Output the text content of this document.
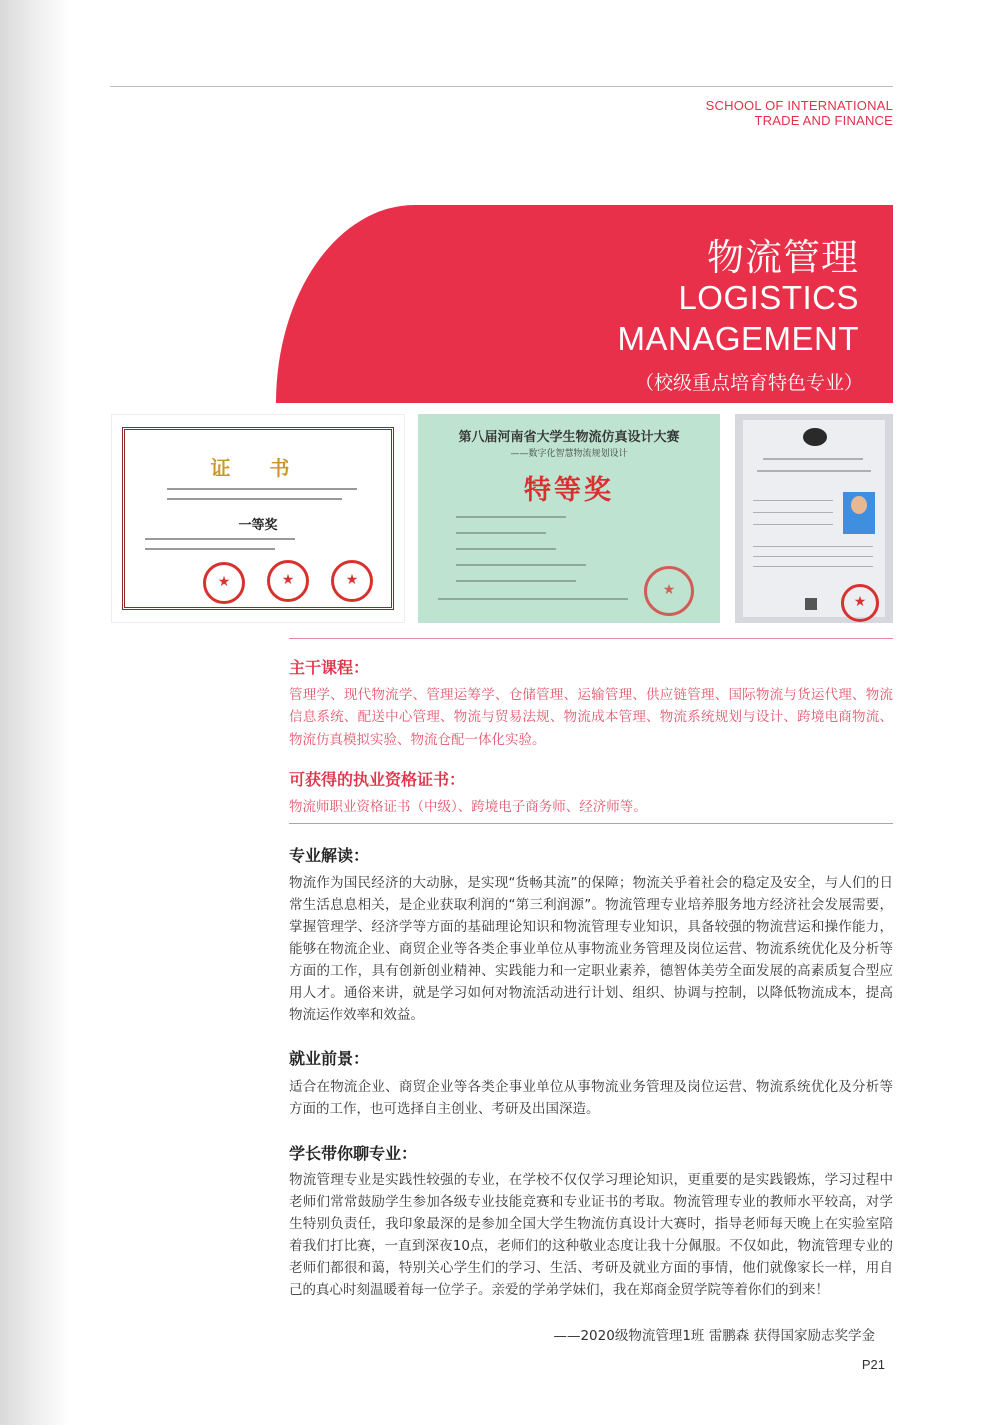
SCHOOL OF INTERNATIONAL
TRADE AND FINANCE
物流管理
LOGISTICS
MANAGEMENT
（校级重点培育特色专业）
证 书
一等奖
★
★
★
第八届河南省大学生物流仿真设计大赛
——数字化智慧物流规划设计
特等奖
★
★
主干课程：
管理学、现代物流学、管理运筹学、仓储管理、运输管理、供应链管理、国际物流与货运代理、物流信息系统、配送中心管理、物流与贸易法规、物流成本管理、物流系统规划与设计、跨境电商物流、物流仿真模拟实验、物流仓配一体化实验。
可获得的执业资格证书：
物流师职业资格证书（中级）、跨境电子商务师、经济师等。
专业解读：
物流作为国民经济的大动脉，是实现“货畅其流”的保障；物流关乎着社会的稳定及安全，与人们的日常生活息息相关，是企业获取利润的“第三利润源”。物流管理专业培养服务地方经济社会发展需要，掌握管理学、经济学等方面的基础理论知识和物流管理专业知识，具备较强的物流营运和操作能力，能够在物流企业、商贸企业等各类企事业单位从事物流业务管理及岗位运营、物流系统优化及分析等方面的工作，具有创新创业精神、实践能力和一定职业素养，德智体美劳全面发展的高素质复合型应用人才。通俗来讲，就是学习如何对物流活动进行计划、组织、协调与控制，以降低物流成本，提高物流运作效率和效益。
就业前景：
适合在物流企业、商贸企业等各类企事业单位从事物流业务管理及岗位运营、物流系统优化及分析等方面的工作，也可选择自主创业、考研及出国深造。
学长带你聊专业：
物流管理专业是实践性较强的专业，在学校不仅仅学习理论知识，更重要的是实践锻炼，学习过程中老师们常常鼓励学生参加各级专业技能竞赛和专业证书的考取。物流管理专业的教师水平较高，对学生特别负责任，我印象最深的是参加全国大学生物流仿真设计大赛时，指导老师每天晚上在实验室陪着我们打比赛，一直到深夜10点，老师们的这种敬业态度让我十分佩服。不仅如此，物流管理专业的老师们都很和蔼，特别关心学生们的学习、生活、考研及就业方面的事情，他们就像家长一样，用自己的真心时刻温暖着每一位学子。亲爱的学弟学妹们，我在郑商金贸学院等着你们的到来！
——2020级物流管理1班 雷鹏森 获得国家励志奖学金
P21
